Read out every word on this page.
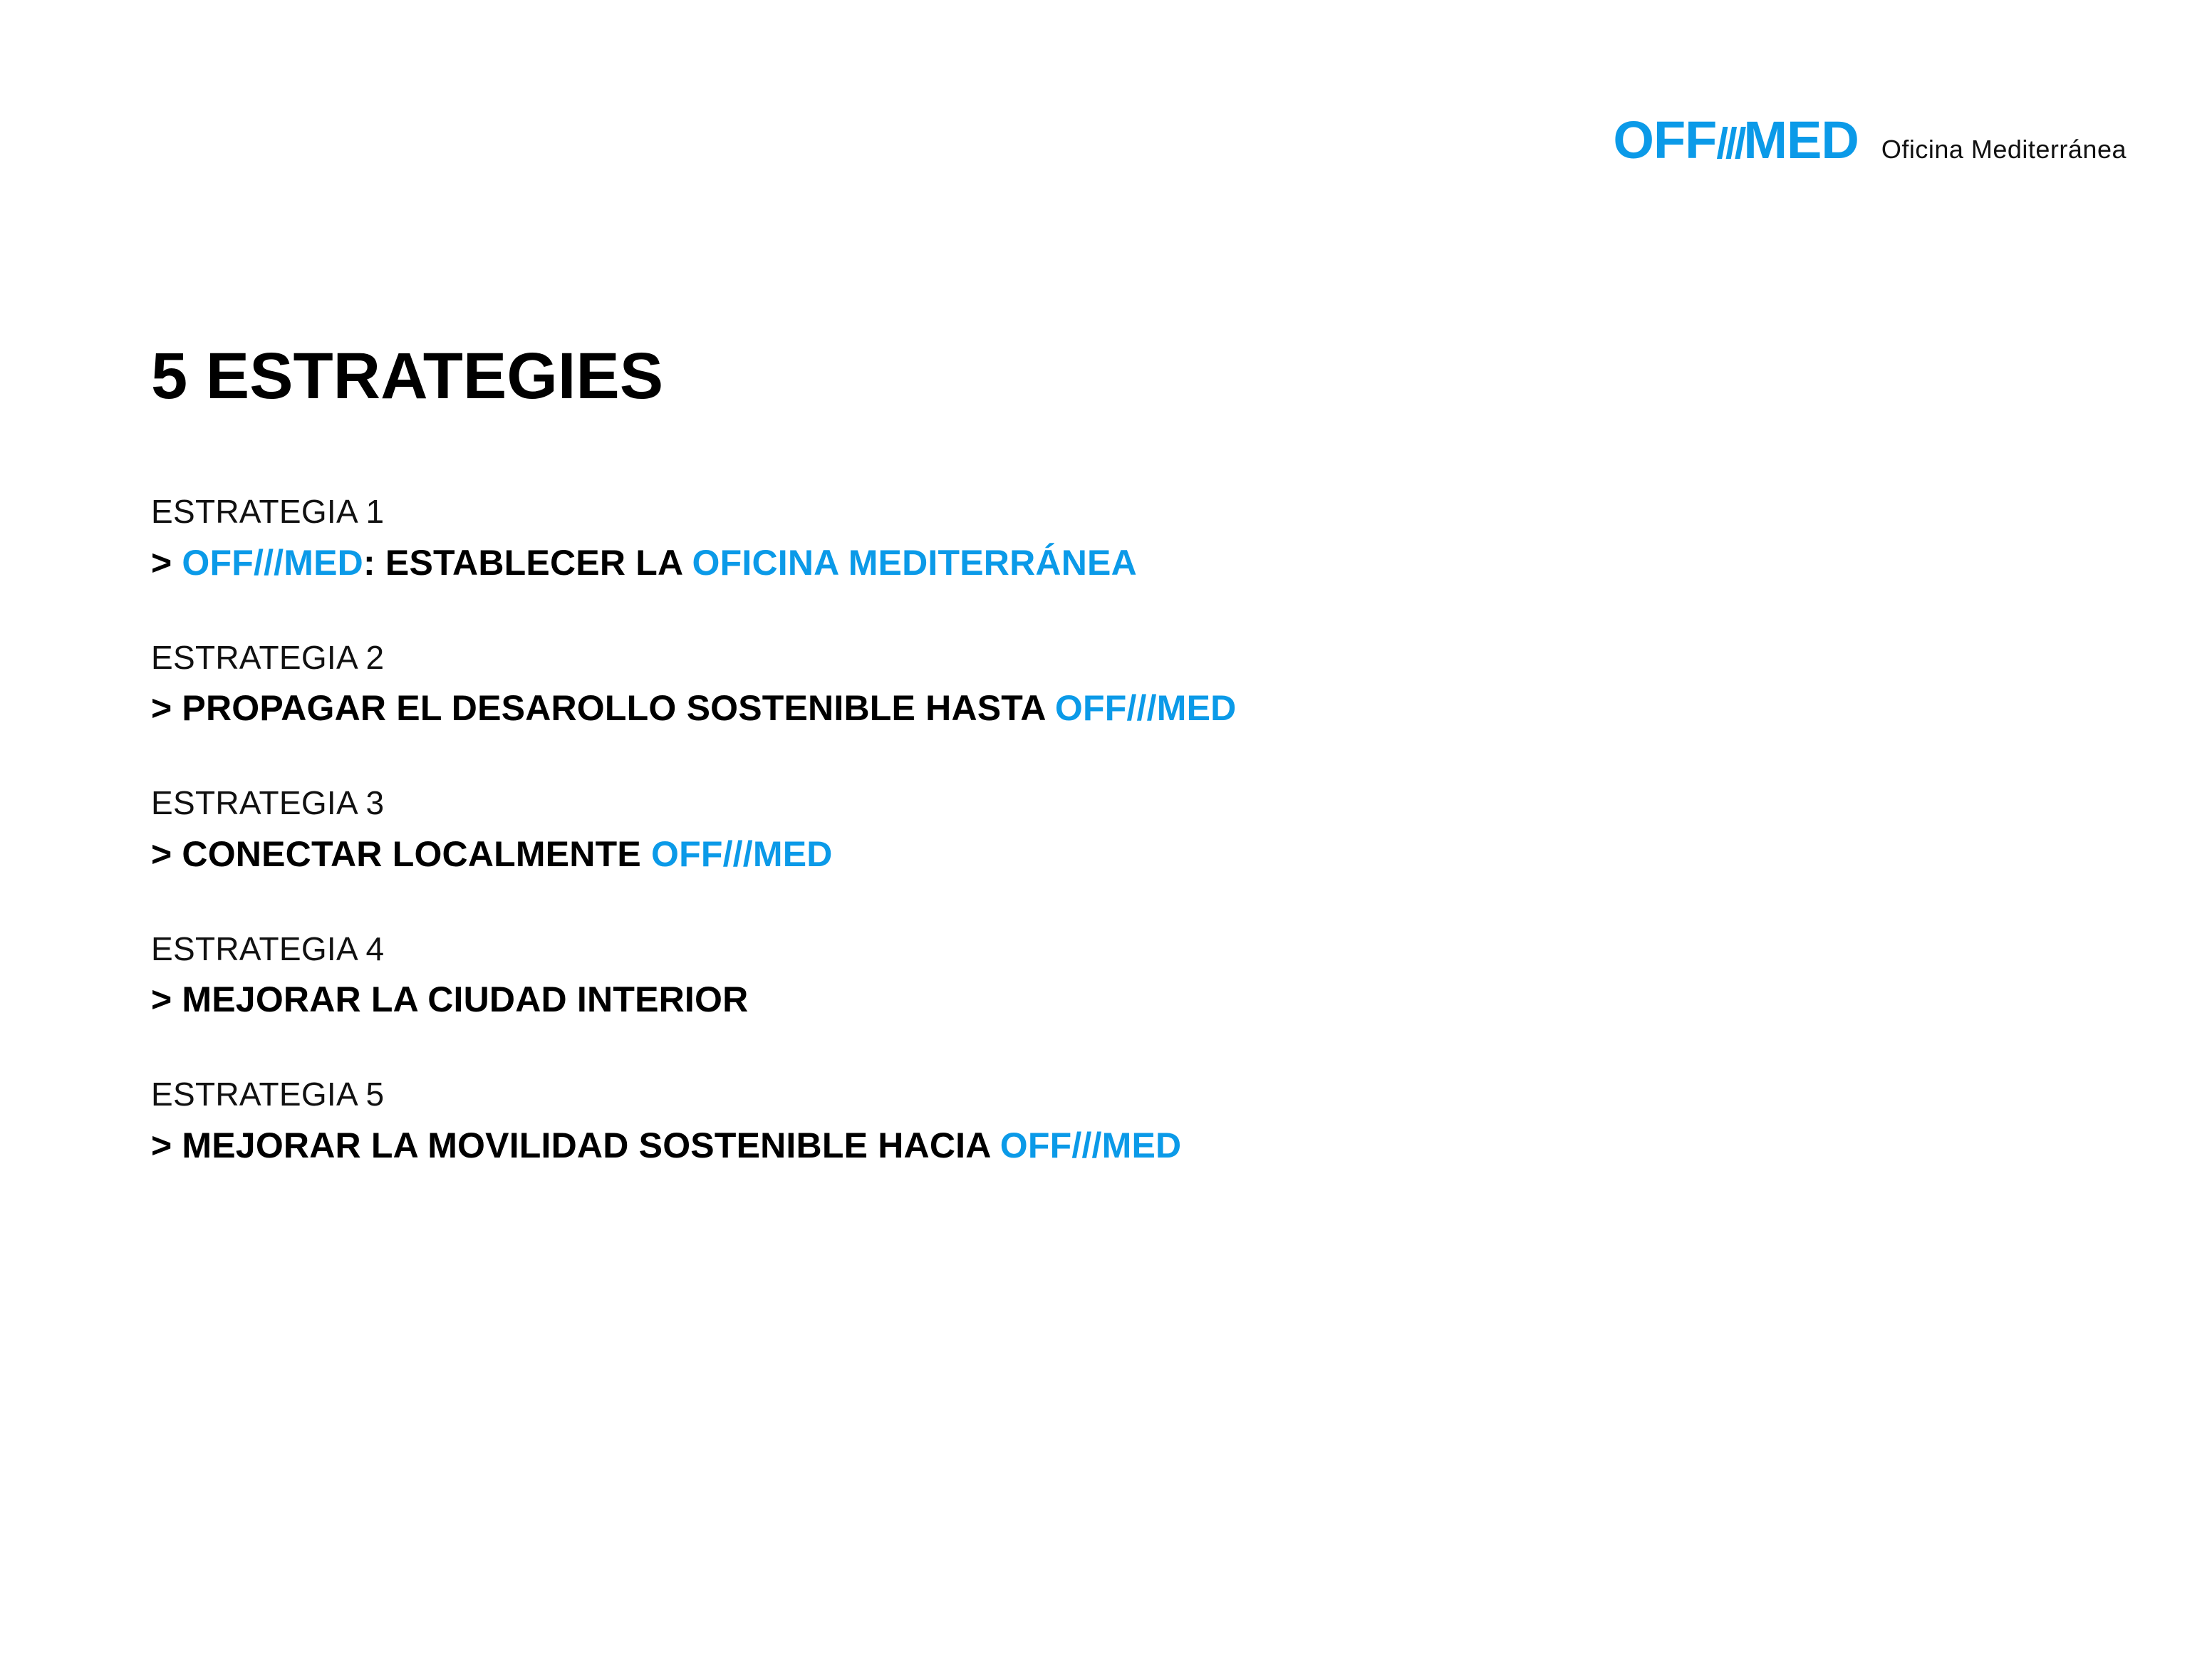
OFF///MED Oficina Mediterránea
5 ESTRATEGIES
ESTRATEGIA 1
> OFF///MED: ESTABLECER LA OFICINA MEDITERRÁNEA
ESTRATEGIA 2
> PROPAGAR EL DESAROLLO SOSTENIBLE HASTA OFF///MED
ESTRATEGIA 3
> CONECTAR LOCALMENTE OFF///MED
ESTRATEGIA 4
> MEJORAR LA CIUDAD INTERIOR
ESTRATEGIA 5
> MEJORAR LA MOVILIDAD SOSTENIBLE HACIA OFF///MED
